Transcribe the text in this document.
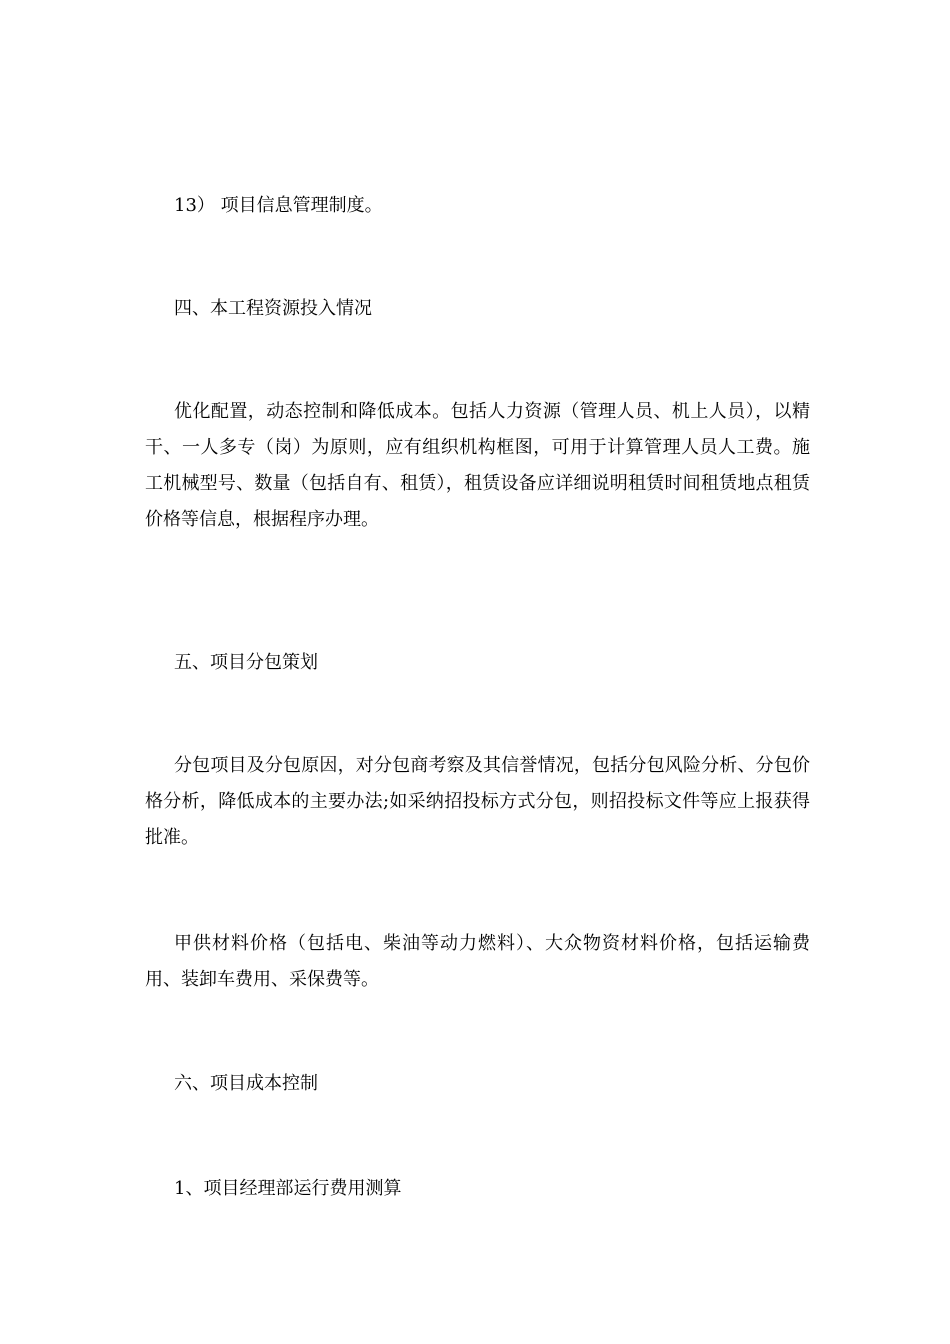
13） 项目信息管理制度。
四、本工程资源投入情况

优化配置，动态控制和降低成本。包括人力资源（管理人员、机上人员），以精干、一人多专（岗）为原则，应有组织机构框图，可用于计算管理人员人工费。施工机械型号、数量（包括自有、租赁），租赁设备应详细说明租赁时间租赁地点租赁价格等信息，根据程序办理。

五、项目分包策划

分包项目及分包原因，对分包商考察及其信誉情况，包括分包风险分析、分包价格分析，降低成本的主要办法;如采纳招投标方式分包，则招投标文件等应上报获得批准。

甲供材料价格（包括电、柴油等动力燃料）、大众物资材料价格，包括运输费用、装卸车费用、采保费等。

六、项目成本控制
1、项目经理部运行费用测算
